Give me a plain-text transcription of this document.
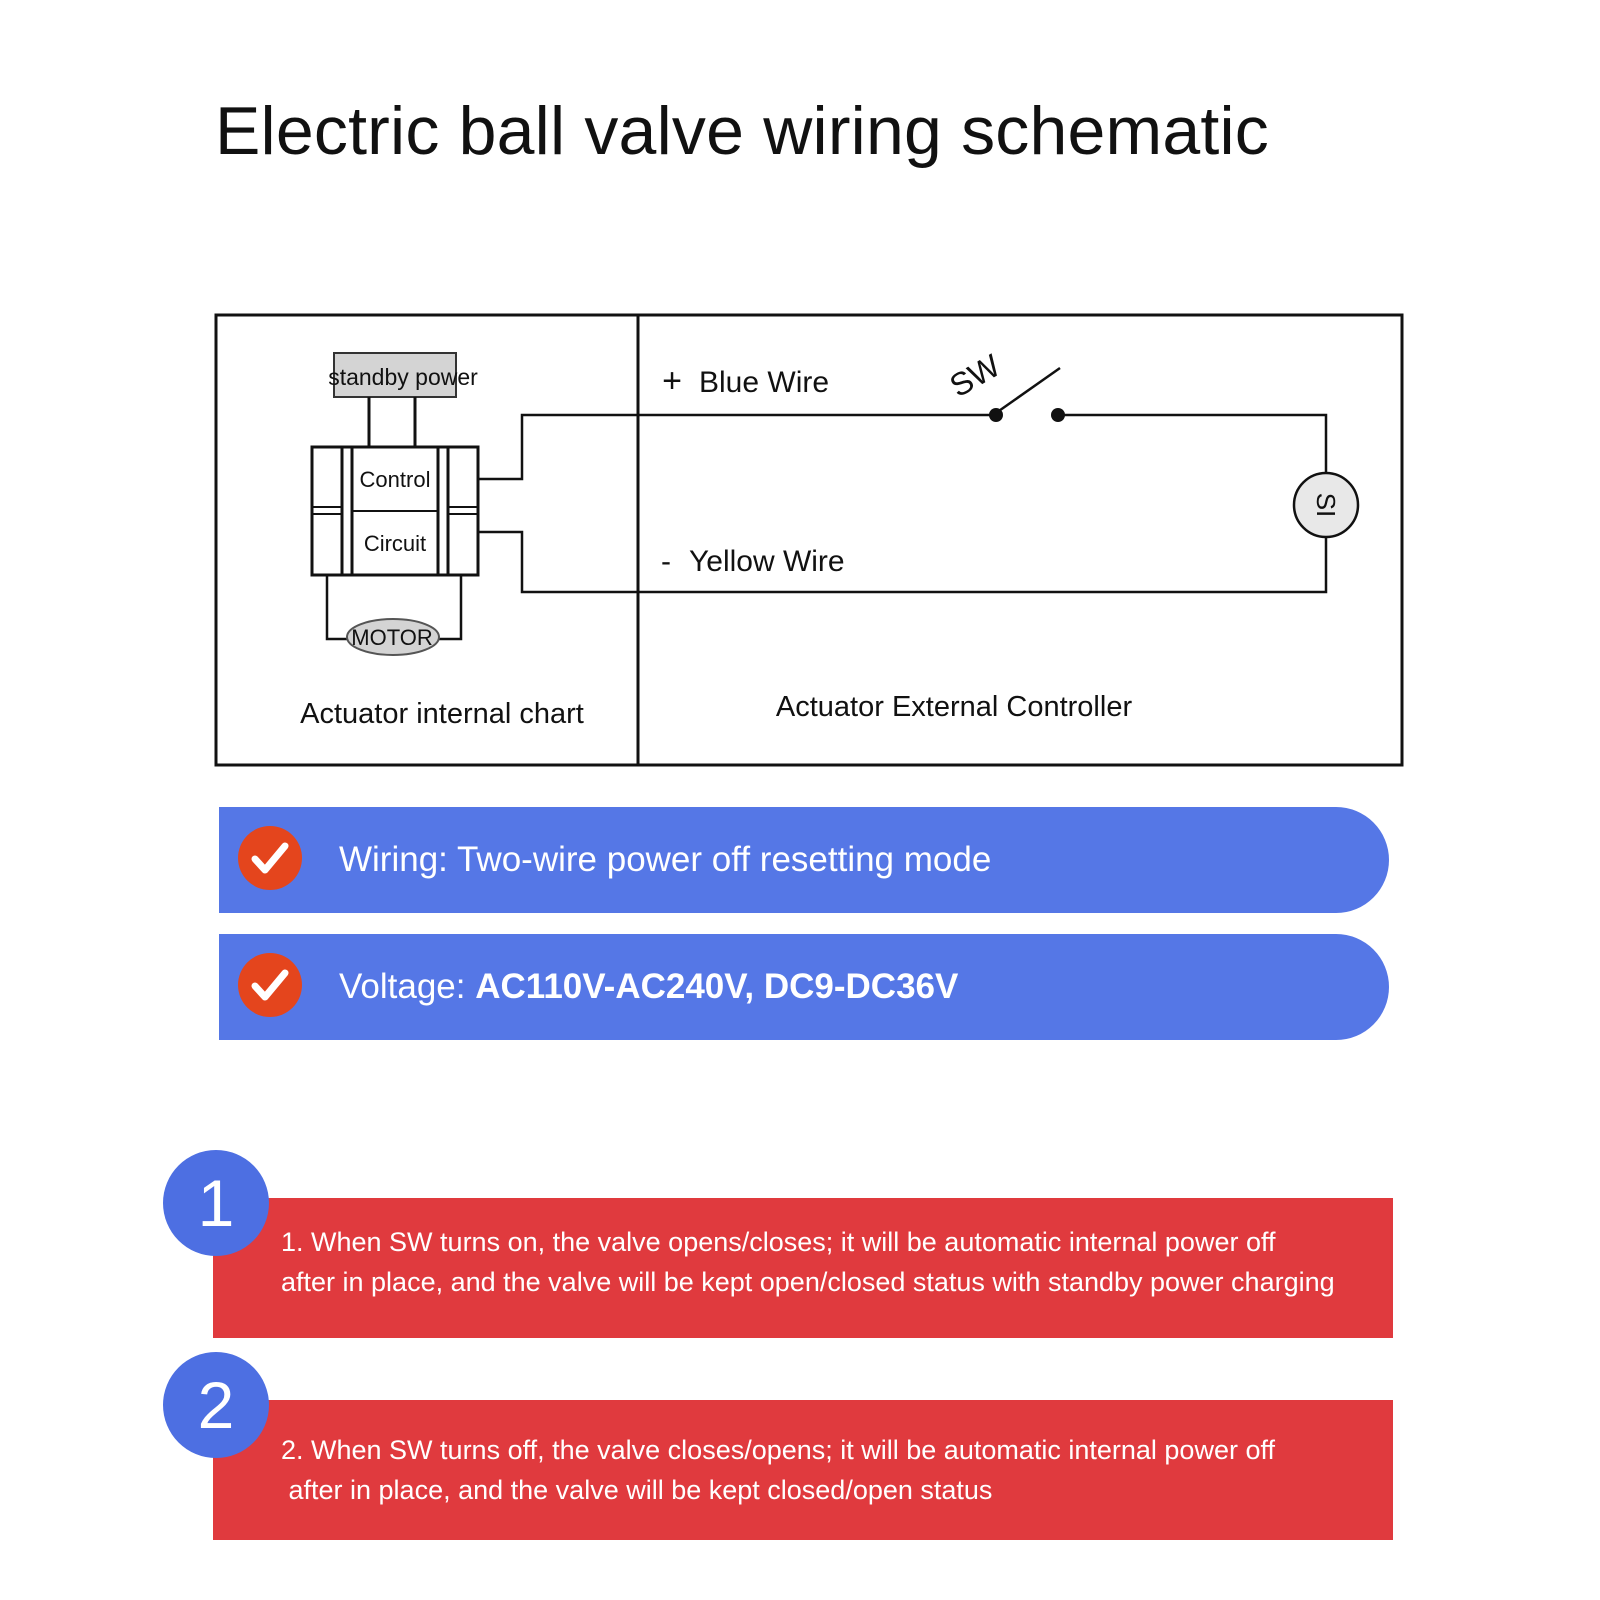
Electric ball valve wiring schematic
standby power
Control
Circuit
MOTOR
Actuator internal chart
SI
+ Blue Wire	SW
- Yellow Wire
Actuator External Controller
Wiring: Two-wire power off resetting mode
Voltage: AC110V-AC240V, DC9-DC36V
1. When SW turns on, the valve opens/closes; it will be automatic internal power off
after in place, and the valve will be kept open/closed status with standby power charging
1
2. When SW turns off, the valve closes/opens; it will be automatic internal power off
after in place, and the valve will be kept closed/open status
2
